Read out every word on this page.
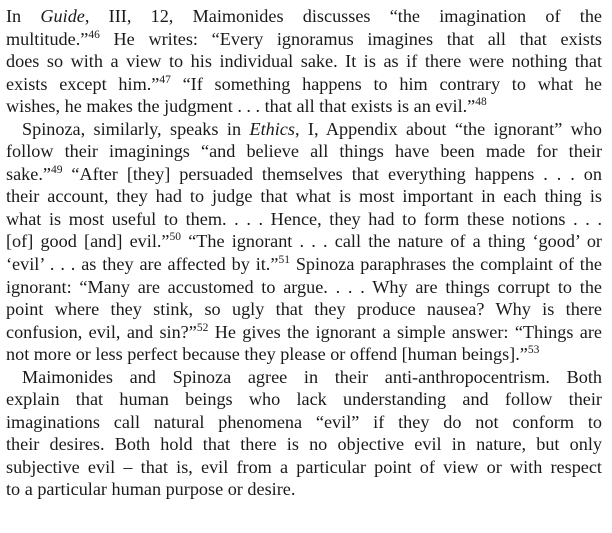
In Guide, III, 12, Maimonides discusses “the imagination of the
multitude.”$^{46}$ He writes: “Every ignoramus imagines that all that exists
does so with a view to his individual sake. It is as if there were nothing that
exists except him.”$^{47}$ “If something happens to him contrary to what he
wishes, he makes the judgment . . . that all that exists is an evil.”$^{48}$
Spinoza, similarly, speaks in Ethics, I, Appendix about “the ignorant” who
follow their imaginings “and believe all things have been made for their
sake.”$^{49}$ “After [they] persuaded themselves that everything happens . . . on
their account, they had to judge that what is most important in each thing is
what is most useful to them. . . . Hence, they had to form these notions . . .
[of] good [and] evil.”$^{50}$ “The ignorant . . . call the nature of a thing ‘good’ or
‘evil’ . . . as they are affected by it.”$^{51}$ Spinoza paraphrases the complaint of the
ignorant: “Many are accustomed to argue. . . . Why are things corrupt to the
point where they stink, so ugly that they produce nausea? Why is there
confusion, evil, and sin?”$^{52}$ He gives the ignorant a simple answer: “Things are
not more or less perfect because they please or offend [human beings].”$^{53}$
Maimonides and Spinoza agree in their anti-anthropocentrism. Both
explain that human beings who lack understanding and follow their
imaginations call natural phenomena “evil” if they do not conform to
their desires. Both hold that there is no objective evil in nature, but only
subjective evil – that is, evil from a particular point of view or with respect
to a particular human purpose or desire.
